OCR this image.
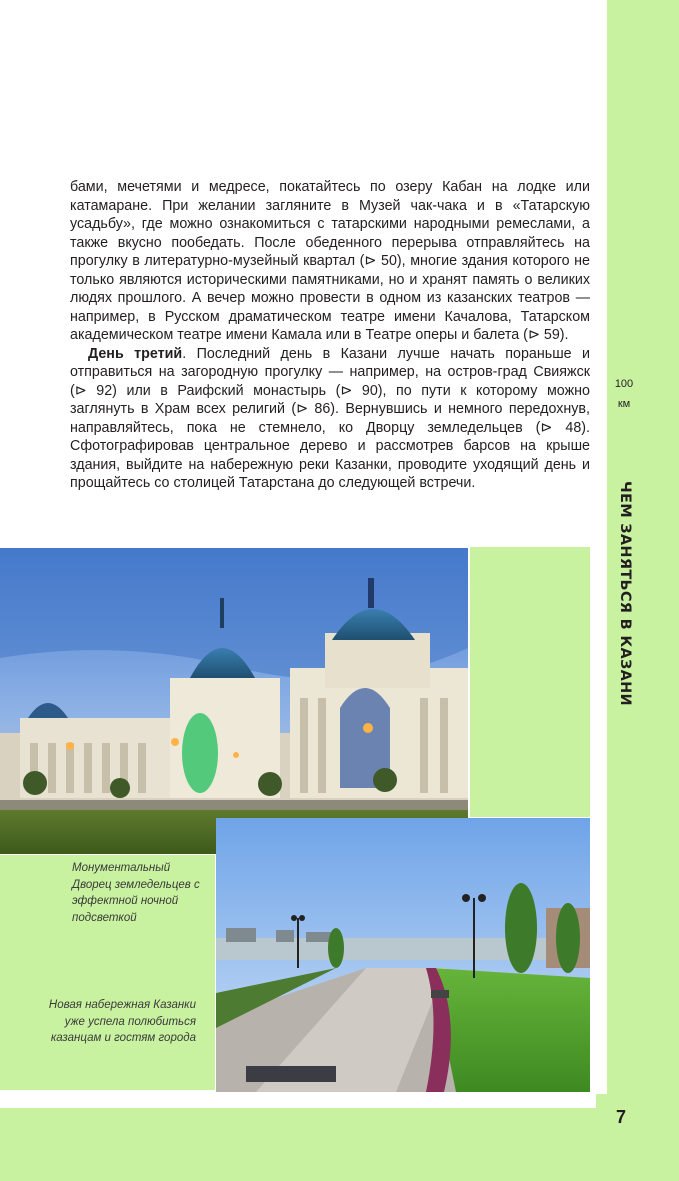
100
км
ЧЕМ ЗАНЯТЬСЯ В КАЗАНИ

бами, мечетями и медресе, покатайтесь по озеру Кабан на лодке или катамаране. При желании загляните в Музей чак-чака и в «Татарскую усадьбу», где можно ознакомиться с татарскими народными ремеслами, а также вкусно пообедать. После обеденного перерыва отправляйтесь на прогулку в литературно-музейный квартал (⊳ 50), многие здания которого не только являются историческими памятниками, но и хранят память о великих людях прошлого. А вечер можно провести в одном из казанских театров — например, в Русском драматическом театре имени Качалова, Татарском академическом театре имени Камала или в Театре оперы и балета (⊳ 59).

День третий. Последний день в Казани лучше начать пораньше и отправиться на загородную прогулку — например, на остров-град Свияжск (⊳ 92) или в Раифский монастырь (⊳ 90), по пути к которому можно заглянуть в Храм всех религий (⊳ 86). Вернувшись и немного передохнув, направляйтесь, пока не стемнело, ко Дворцу земледельцев (⊳ 48). Сфотографировав центральное дерево и рассмотрев барсов на крыше здания, выйдите на набережную реки Казанки, проводите уходящий день и прощайтесь со столицей Татарстана до следующей встречи.

Монументальный Дворец земледельцев с эффектной ночной подсветкой
Новая набережная Казанки уже успела полюбиться казанцам и гостям города
7
